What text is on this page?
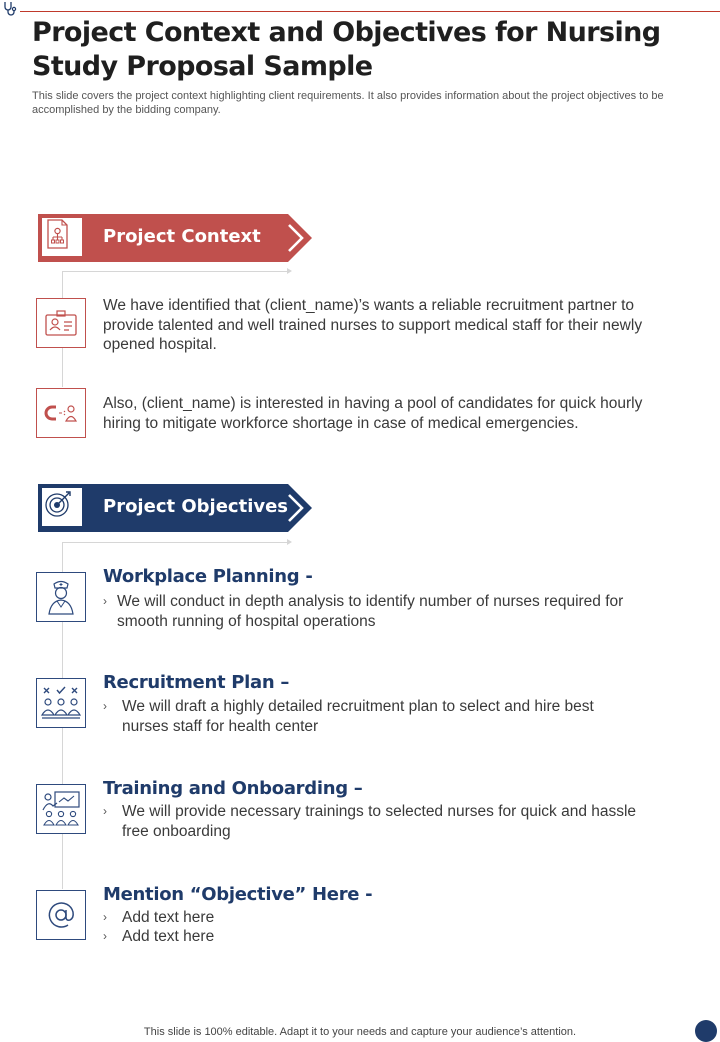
Project Context and Objectives for Nursing Study Proposal Sample
This slide covers the project context highlighting client requirements. It also provides information about the project objectives to be accomplished by the bidding company.
Project Context
We have identified that (client_name)’s wants a reliable recruitment partner to provide talented and well trained nurses to support medical staff for their newly opened hospital.
Also, (client_name) is interested in having a pool of candidates for quick hourly hiring to mitigate workforce shortage in case of medical emergencies.
Project Objectives
Workplace Planning -
› We will conduct in depth analysis to identify number of nurses required for smooth running of hospital operations
Recruitment Plan –
› We will draft a highly detailed recruitment plan to select and hire best nurses staff for health center
Training and Onboarding –
› We will provide necessary trainings to selected nurses for quick and hassle free onboarding
Mention “Objective” Here -
› Add text here
› Add text here
This slide is 100% editable. Adapt it to your needs and capture your audience’s attention.
